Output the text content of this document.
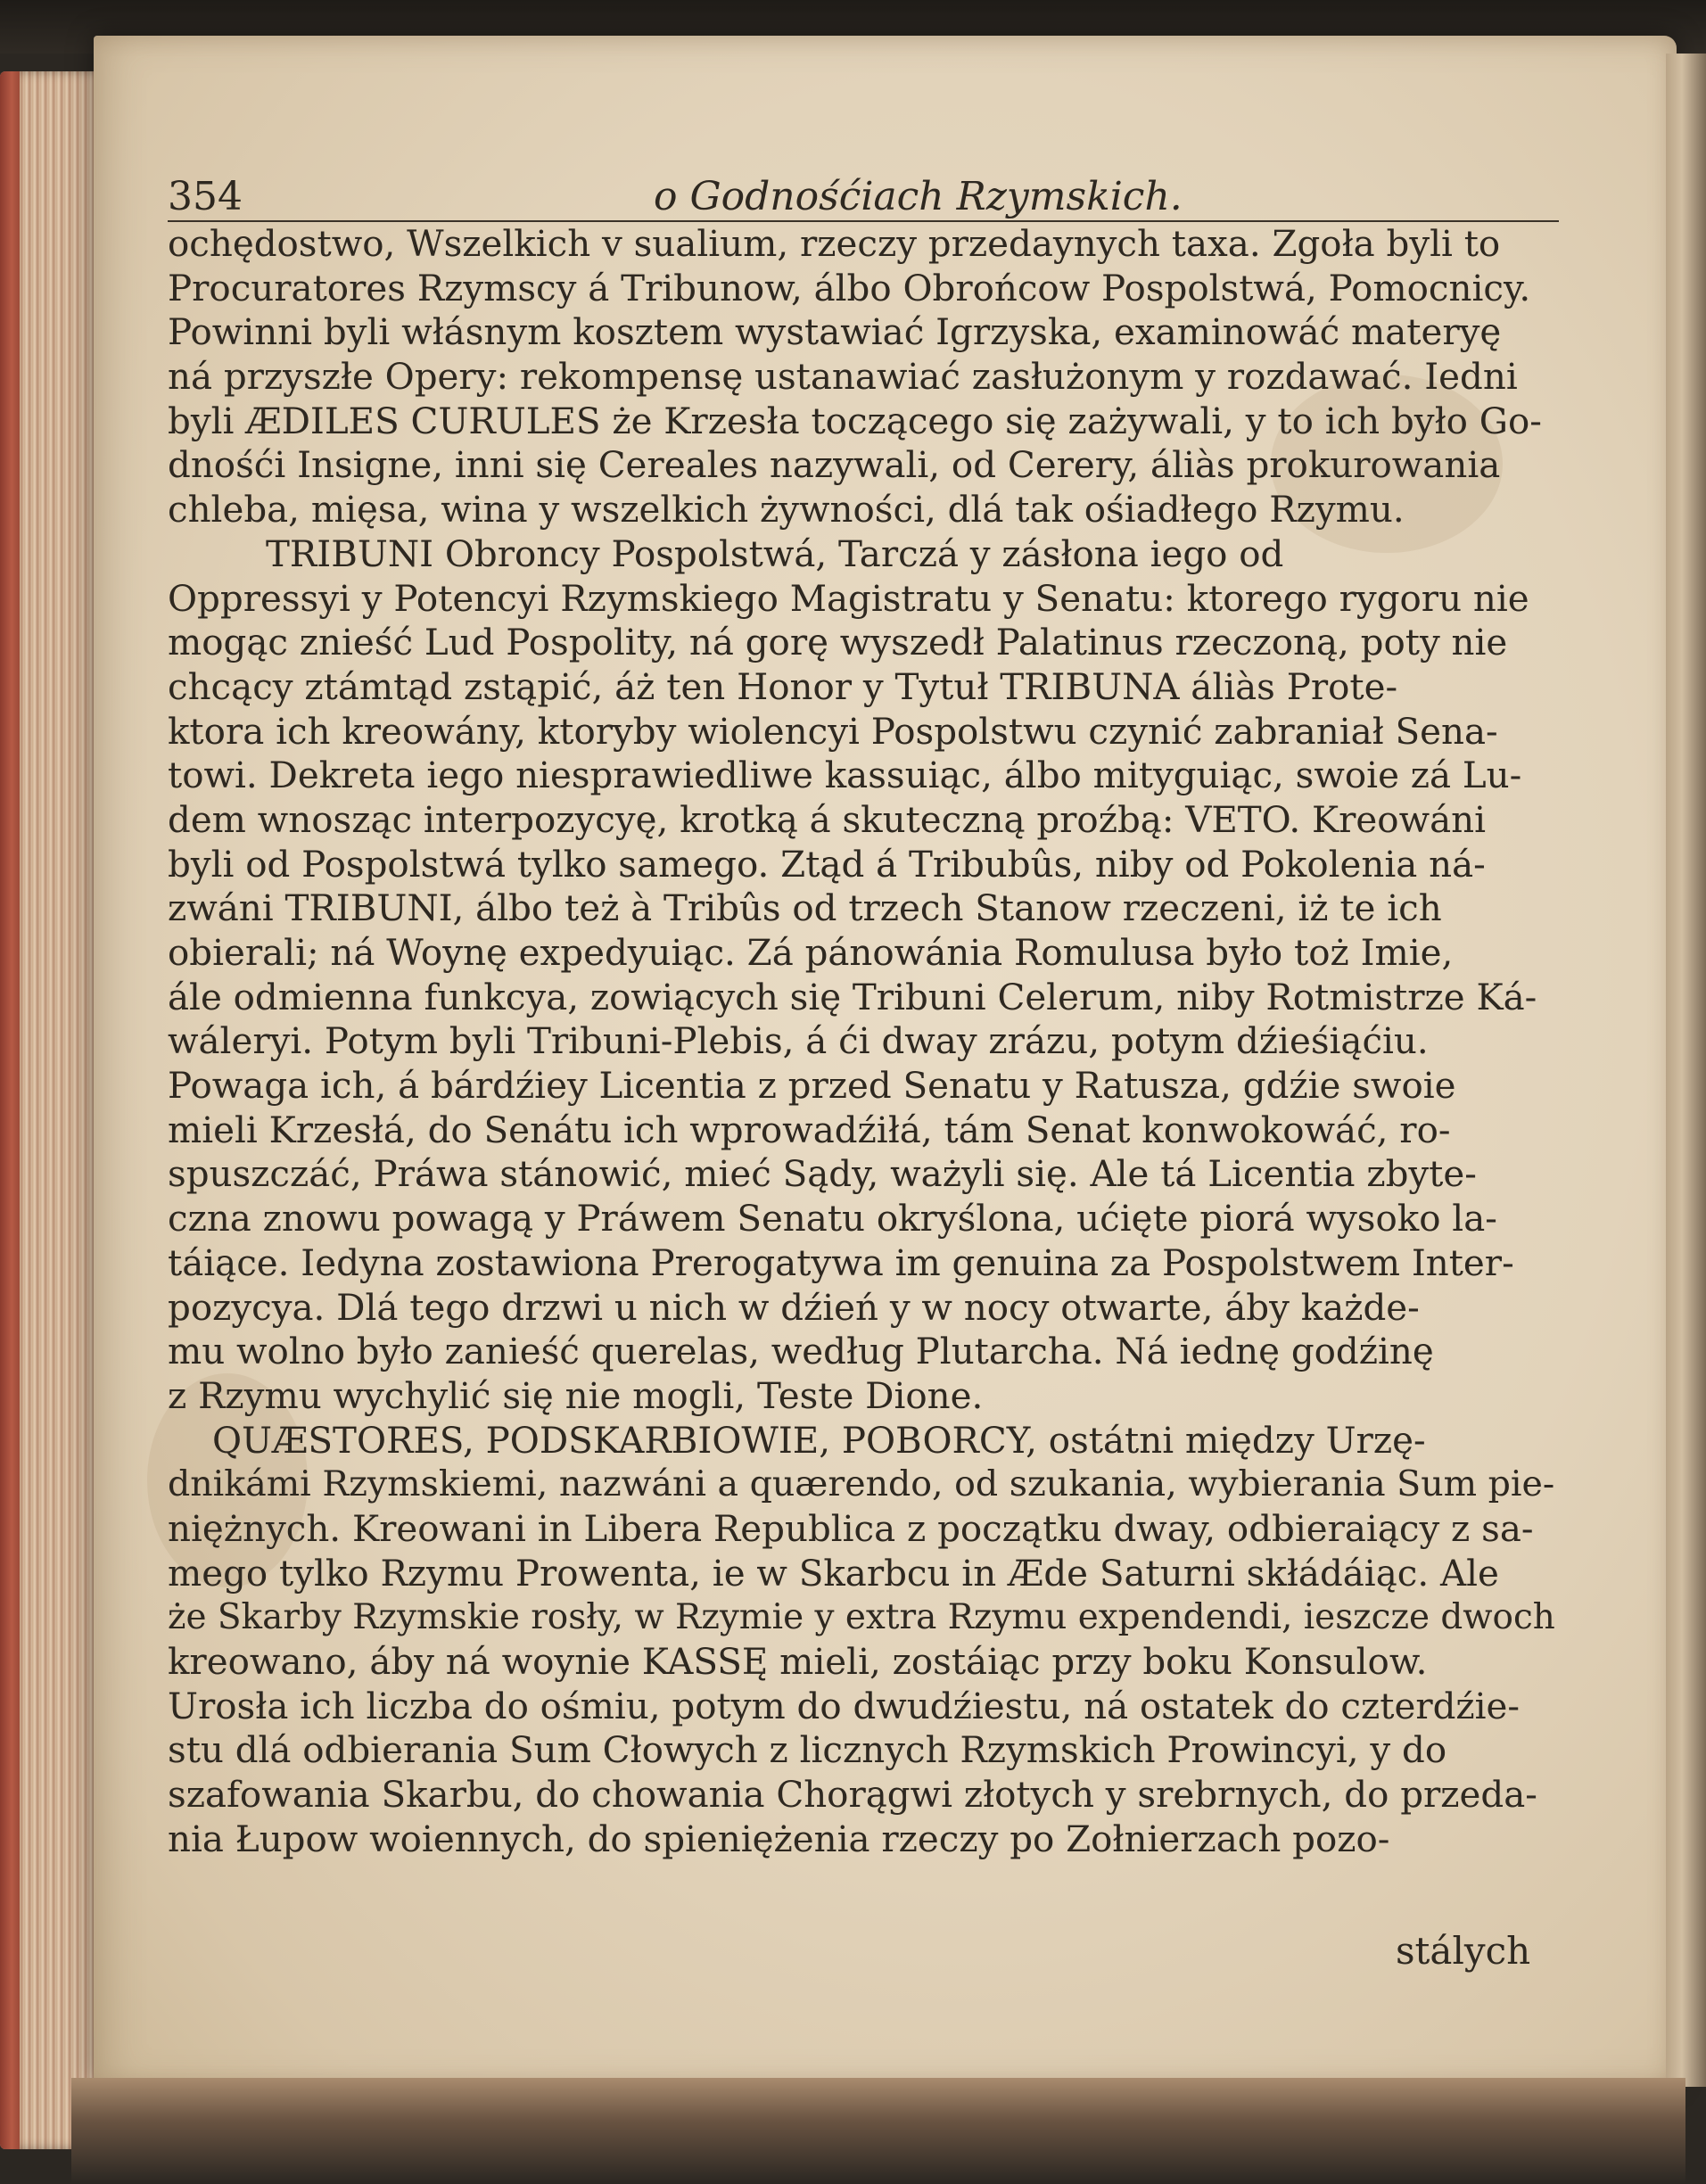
354	o Godnośćiach Rzymskich.
ochędostwo, Wszelkich v sualium, rzeczy przedaynych taxa. Zgoła byli to
Procuratores Rzymscy á Tribunow, álbo Obrońcow Pospolstwá, Pomocnicy.
Powinni byli włásnym kosztem wystawiać Igrzyska, examinowáć materyę
ná przyszłe Opery: rekompensę ustanawiać zasłużonym y rozdawać. Iedni
byli ÆDILES CURULES że Krzesła toczącego się zażywali, y to ich było Go-
dnośći Insigne, inni się Cereales nazywali, od Cerery, áliàs prokurowania
chleba, mięsa, wina y wszelkich żywności, dlá tak ośiadłego Rzymu.
TRIBUNI Obroncy Pospolstwá, Tarczá y zásłona iego od
Oppressyi y Potencyi Rzymskiego Magistratu y Senatu: ktorego rygoru nie
mogąc znieść Lud Pospolity, ná gorę wyszedł Palatinus rzeczoną, poty nie
chcący ztámtąd zstąpić, áż ten Honor y Tytuł TRIBUNA áliàs Prote-
ktora ich kreowány, ktoryby wiolencyi Pospolstwu czynić zabraniał Sena-
towi. Dekreta iego niesprawiedliwe kassuiąc, álbo mityguiąc, swoie zá Lu-
dem wnosząc interpozycyę, krotką á skuteczną proźbą: VETO. Kreowáni
byli od Pospolstwá tylko samego. Ztąd á Tribubûs, niby od Pokolenia ná-
zwáni TRIBUNI, álbo też à Tribûs od trzech Stanow rzeczeni, iż te ich
obierali; ná Woynę expedyuiąc. Zá pánowánia Romulusa było toż Imie,
ále odmienna funkcya, zowiących się Tribuni Celerum, niby Rotmistrze Ká-
wáleryi. Potym byli Tribuni-Plebis, á ći dway zrázu, potym dźieśiąćiu.
Powaga ich, á bárdźiey Licentia z przed Senatu y Ratusza, gdźie swoie
mieli Krzesłá, do Senátu ich wprowadźiłá, tám Senat konwokowáć, ro-
spuszczáć, Práwa stánowić, mieć Sądy, ważyli się. Ale tá Licentia zbyte-
czna znowu powagą y Práwem Senatu okryślona, ućięte piorá wysoko la-
táiące. Iedyna zostawiona Prerogatywa im genuina za Pospolstwem Inter-
pozycya. Dlá tego drzwi u nich w dźień y w nocy otwarte, áby każde-
mu wolno było zanieść querelas, według Plutarcha. Ná iednę godźinę
z Rzymu wychylić się nie mogli, Teste Dione.
QUÆSTORES, PODSKARBIOWIE, POBORCY, ostátni między Urzę-
dnikámi Rzymskiemi, nazwáni a quærendo, od szukania, wybierania Sum pie-
niężnych. Kreowani in Libera Republica z początku dway, odbieraiący z sa-
mego tylko Rzymu Prowenta, ie w Skarbcu in Æde Saturni skłádáiąc. Ale
że Skarby Rzymskie rosły, w Rzymie y extra Rzymu expendendi, ieszcze dwoch
kreowano, áby ná woynie KASSĘ mieli, zostáiąc przy boku Konsulow.
Urosła ich liczba do ośmiu, potym do dwudźiestu, ná ostatek do czterdźie-
stu dlá odbierania Sum Cłowych z licznych Rzymskich Prowincyi, y do
szafowania Skarbu, do chowania Chorągwi złotych y srebrnych, do przeda-
nia Łupow woiennych, do spieniężenia rzeczy po Zołnierzach pozo-
stálych
